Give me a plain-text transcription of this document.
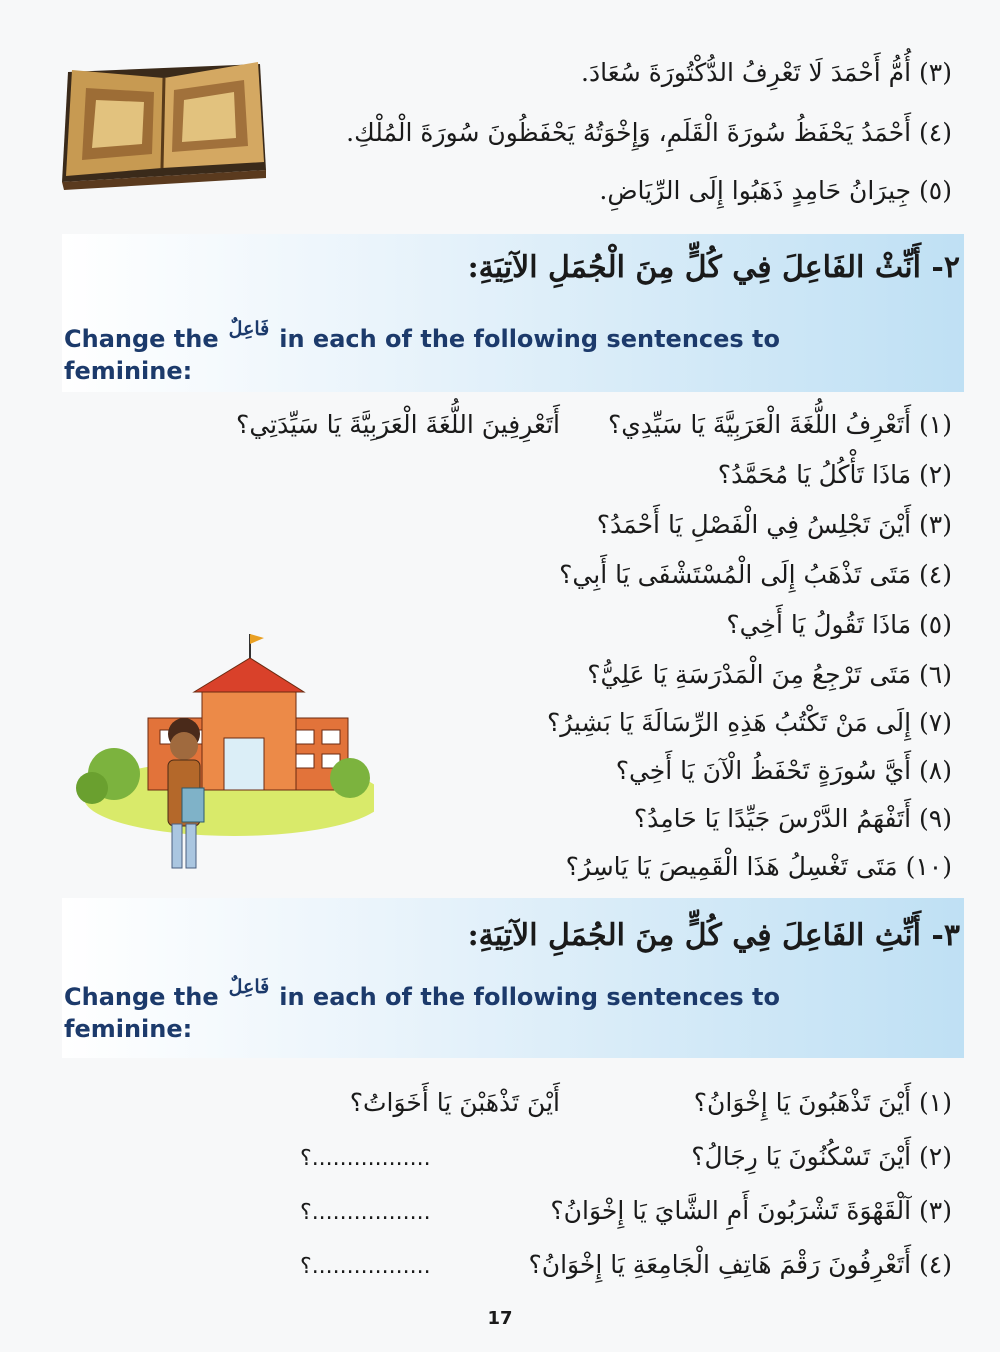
(٣) أُمُّ أَحْمَدَ لَا تَعْرِفُ الدُّكْتُورَةَ سُعَادَ.
(٤) أَحْمَدُ يَحْفَظُ سُورَةَ الْقَلَمِ، وَإِخْوَتُهُ يَحْفَظُونَ سُورَةَ الْمُلْكِ.
(٥) جِيرَانُ حَامِدٍ ذَهَبُوا إِلَى الرِّيَاضِ.
٢- أَنِّثْ الفَاعِلَ فِي كُلٍّ مِنَ الْجُمَلِ الآتِيَةِ:
Change the $^{فَاعِلٌ}$ in each of the following sentences to feminine:
(١) أَتَعْرِفُ اللُّغَةَ الْعَرَبِيَّةَ يَا سَيِّدِي؟
أَتَعْرِفِينَ اللُّغَةَ الْعَرَبِيَّةَ يَا سَيِّدَتِي؟
(٢) مَاذَا تَأْكُلُ يَا مُحَمَّدُ؟
(٣) أَيْنَ تَجْلِسُ فِي الْفَصْلِ يَا أَحْمَدُ؟
(٤) مَتَى تَذْهَبُ إِلَى الْمُسْتَشْفَى يَا أَبِي؟
(٥) مَاذَا تَقُولُ يَا أَخِي؟
(٦) مَتَى تَرْجِعُ مِنَ الْمَدْرَسَةِ يَا عَلِيُّ؟
(٧) إِلَى مَنْ تَكْتُبُ هَذِهِ الرِّسَالَةَ يَا بَشِيرُ؟
(٨) أَيَّ سُورَةٍ تَحْفَظُ الْآنَ يَا أَخِي؟
(٩) أَتَفْهَمُ الدَّرْسَ جَيِّدًا يَا حَامِدُ؟
(١٠) مَتَى تَغْسِلُ هَذَا الْقَمِيصَ يَا يَاسِرُ؟
٣- أَنِّثِ الفَاعِلَ فِي كُلٍّ مِنَ الجُمَلِ الآتِيَةِ:
Change the $^{فَاعِلٌ}$ in each of the following sentences to feminine:
(١) أَيْنَ تَذْهَبُونَ يَا إِخْوَانُ؟
أَيْنَ تَذْهَبْنَ يَا أَخَوَاتُ؟
(٢) أَيْنَ تَسْكُنُونَ يَا رِجَالُ؟
؟.................
(٣) آلْقَهْوَةَ تَشْرَبُونَ أَمِ الشَّايَ يَا إِخْوَانُ؟
؟.................
(٤) أَتَعْرِفُونَ رَقْمَ هَاتِفِ الْجَامِعَةِ يَا إِخْوَانُ؟
؟.................
17
